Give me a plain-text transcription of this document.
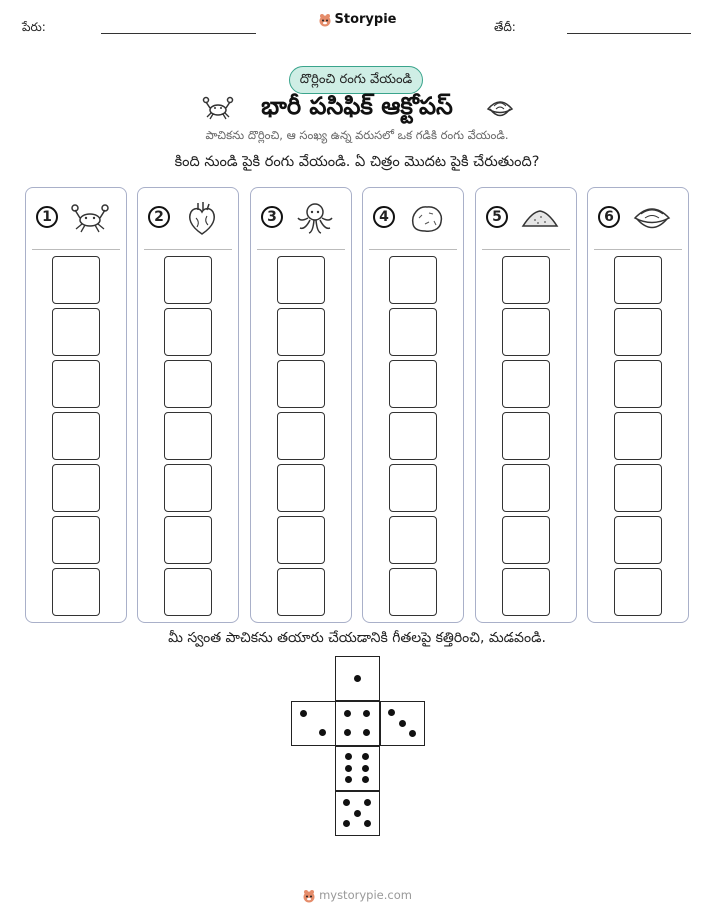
పేరు:	Storypie	తేదీ:
దొర్లించి రంగు వేయండి
భారీ పసిఫిక్ ఆక్టోపస్
పాచికను దొర్లించి, ఆ సంఖ్య ఉన్న వరుసలో ఒక గడికి రంగు వేయండి.
కింది నుండి పైకి రంగు వేయండి. ఏ చిత్రం మొదట పైకి చేరుతుంది?
1	2	3	4	5	6
మీ స్వంత పాచికను తయారు చేయడానికి గీతలపై కత్తిరించి, మడవండి.
mystorypie.com
